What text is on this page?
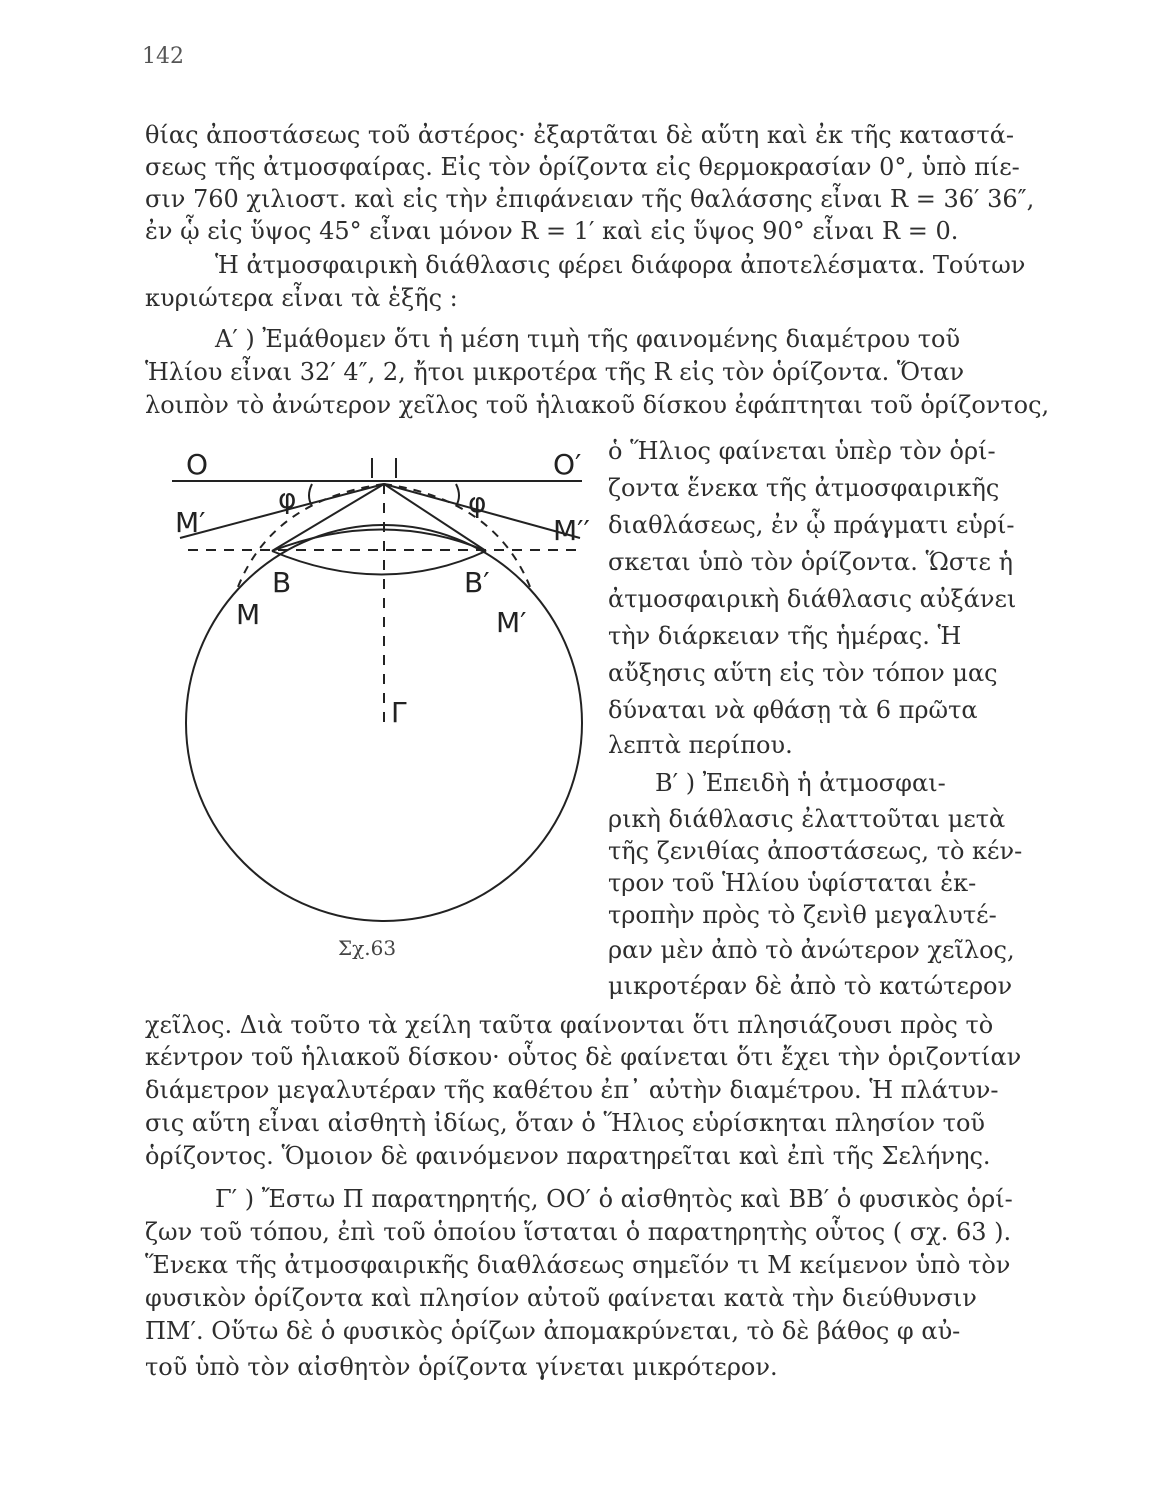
142
θίας ἀποστάσεως τοῦ ἀστέρος· ἐξαρτᾶται δὲ αὕτη καὶ ἐκ τῆς καταστά-
σεως τῆς ἀτμοσφαίρας. Εἰς τὸν ὁρίζοντα εἰς θερμοκρασίαν 0°, ὑπὸ πίε-
σιν 760 χιλιοστ. καὶ εἰς τὴν ἐπιφάνειαν τῆς θαλάσσης εἶναι R = 36′ 36″,
ἐν ᾧ εἰς ὕψος 45° εἶναι μόνον R = 1′ καὶ εἰς ὕψος 90° εἶναι R = 0.
Ἡ ἀτμοσφαιρικὴ διάθλασις φέρει διάφορα ἀποτελέσματα. Τούτων
κυριώτερα εἶναι τὰ ἑξῆς :
Α′ ) Ἐμάθομεν ὅτι ἡ μέση τιμὴ τῆς φαινομένης διαμέτρου τοῦ
Ἡλίου εἶναι 32′ 4″, 2, ἤτοι μικροτέρα τῆς R εἰς τὸν ὁρίζοντα. Ὅταν
λοιπὸν τὸ ἀνώτερον χεῖλος τοῦ ἡλιακοῦ δίσκου ἐφάπτηται τοῦ ὁρίζοντος,
ὁ Ἥλιος φαίνεται ὑπὲρ τὸν ὁρί-
ζοντα ἕνεκα τῆς ἀτμοσφαιρικῆς
διαθλάσεως, ἐν ᾧ πράγματι εὑρί-
σκεται ὑπὸ τὸν ὁρίζοντα. Ὥστε ἡ
ἀτμοσφαιρικὴ διάθλασις αὐξάνει
τὴν διάρκειαν τῆς ἡμέρας. Ἡ
αὔξησις αὕτη εἰς τὸν τόπον μας
δύναται νὰ φθάσῃ τὰ 6 πρῶτα
λεπτὰ περίπου.
Β′ ) Ἐπειδὴ ἡ ἀτμοσφαι-
ρικὴ διάθλασις ἐλαττοῦται μετὰ
τῆς ζενιθίας ἀποστάσεως, τὸ κέν-
τρον τοῦ Ἡλίου ὑφίσταται ἐκ-
τροπὴν πρὸς τὸ ζενὶθ μεγαλυτέ-
ραν μὲν ἀπὸ τὸ ἀνώτερον χεῖλος,
μικροτέραν δὲ ἀπὸ τὸ κατώτερον
χεῖλος. Διὰ τοῦτο τὰ χείλη ταῦτα φαίνονται ὅτι πλησιάζουσι πρὸς τὸ
κέντρον τοῦ ἡλιακοῦ δίσκου· οὗτος δὲ φαίνεται ὅτι ἔχει τὴν ὁριζοντίαν
διάμετρον μεγαλυτέραν τῆς καθέτου ἐπ᾽ αὐτὴν διαμέτρου. Ἡ πλάτυν-
σις αὕτη εἶναι αἰσθητὴ ἰδίως, ὅταν ὁ Ἥλιος εὑρίσκηται πλησίον τοῦ
ὁρίζοντος. Ὅμοιον δὲ φαινόμενον παρατηρεῖται καὶ ἐπὶ τῆς Σελήνης.
Γ′ ) Ἔστω Π παρατηρητής, ΟΟ′ ὁ αἰσθητὸς καὶ ΒΒ′ ὁ φυσικὸς ὁρί-
ζων τοῦ τόπου, ἐπὶ τοῦ ὁποίου ἵσταται ὁ παρατηρητὴς οὗτος ( σχ. 63 ).
Ἕνεκα τῆς ἀτμοσφαιρικῆς διαθλάσεως σημεῖόν τι Μ κείμενον ὑπὸ τὸν
φυσικὸν ὁρίζοντα καὶ πλησίον αὐτοῦ φαίνεται κατὰ τὴν διεύθυνσιν
ΠΜ′. Οὕτω δὲ ὁ φυσικὸς ὁρίζων ἀπομακρύνεται, τὸ δὲ βάθος φ αὐ-
τοῦ ὑπὸ τὸν αἰσθητὸν ὁρίζοντα γίνεται μικρότερον.
O	O′
φ	φ
M′	M′′
B	B′
M	M′
Γ
Σχ.63
